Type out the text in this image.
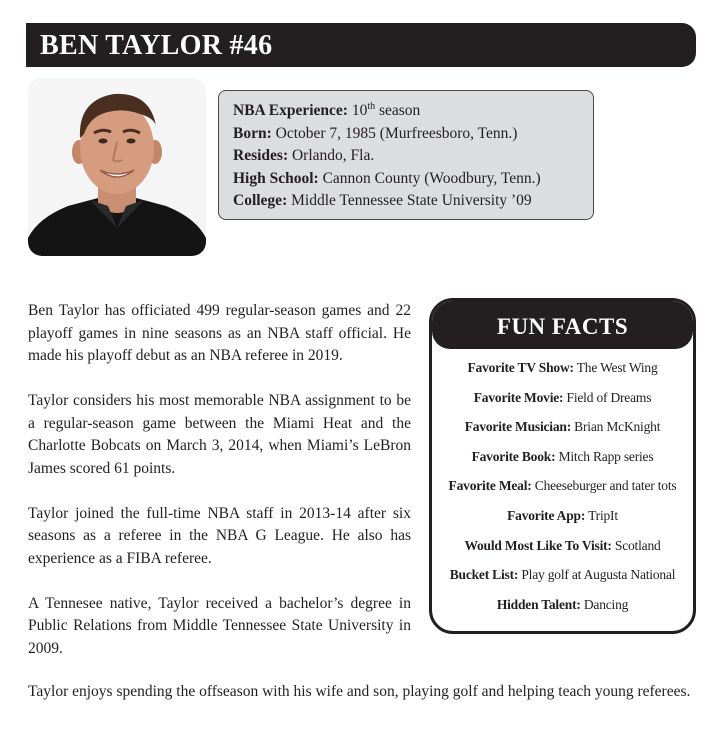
BEN TAYLOR #46
NBA Experience: 10th season
Born: October 7, 1985 (Murfreesboro, Tenn.)
Resides: Orlando, Fla.
High School: Cannon County (Woodbury, Tenn.)
College: Middle Tennessee State University ’09

Ben Taylor has officiated 499 regular-season games and 22 playoff games in nine seasons as an NBA staff official. He made his playoff debut as an NBA referee in 2019.

Taylor considers his most memorable NBA assignment to be a regular-season game between the Miami Heat and the Charlotte Bobcats on March 3, 2014, when Miami’s LeBron James scored 61 points.

Taylor joined the full-time NBA staff in 2013-14 after six seasons as a referee in the NBA G League. He also has experience as a FIBA referee.

A Tennesee native, Taylor received a bachelor’s degree in Public Relations from Middle Tennessee State University in 2009.

Taylor enjoys spending the offseason with his wife and son, playing golf and helping teach young referees.
FUN FACTS
Favorite TV Show: The West Wing
Favorite Movie: Field of Dreams
Favorite Musician: Brian McKnight
Favorite Book: Mitch Rapp series
Favorite Meal: Cheeseburger and tater tots
Favorite App: TripIt
Would Most Like To Visit: Scotland
Bucket List: Play golf at Augusta National
Hidden Talent: Dancing
